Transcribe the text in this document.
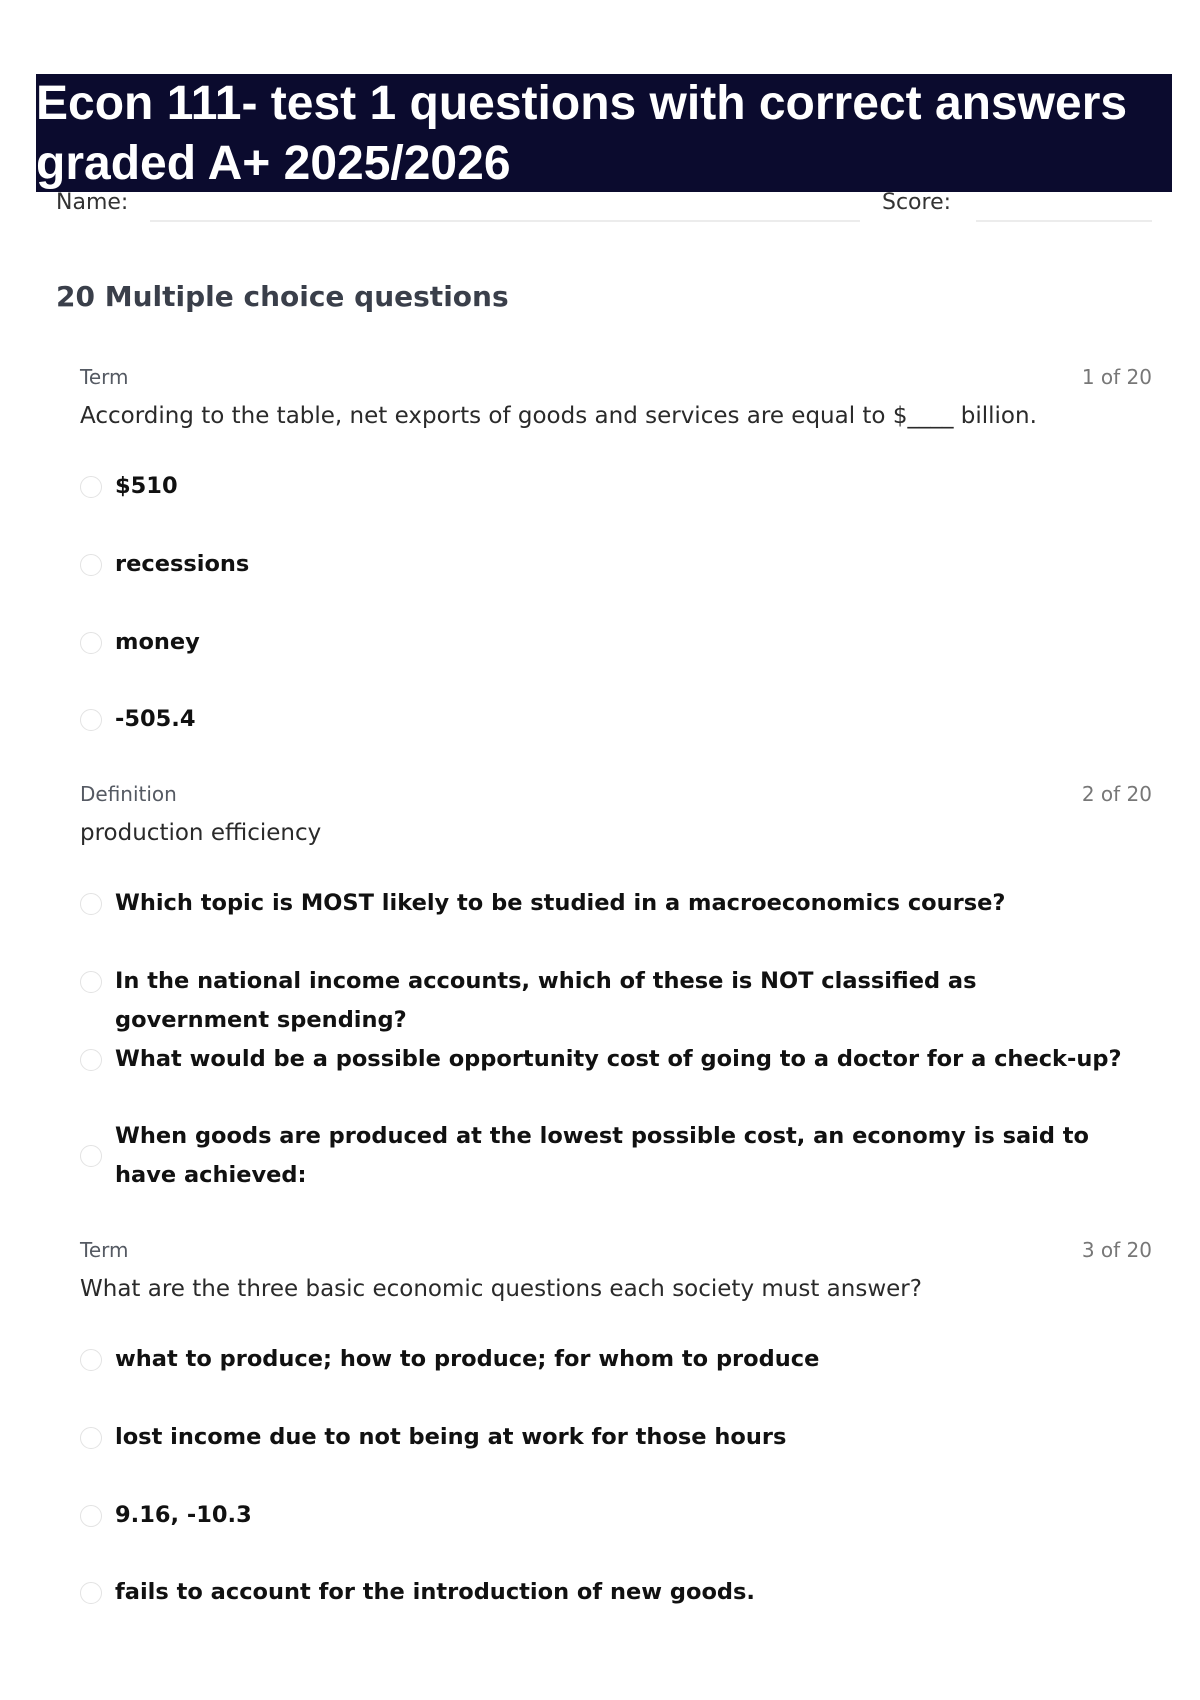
Econ 111- test 1 questions with correct answers graded A+ 2025/2026
Name:	Score:
20 Multiple choice questions
Term	1 of 20
According to the table, net exports of goods and services are equal to $____ billion.
$510
recessions
money
-505.4
Definition	2 of 20
production efficiency
Which topic is MOST likely to be studied in a macroeconomics course?
In the national income accounts, which of these is NOT classified as government spending?
What would be a possible opportunity cost of going to a doctor for a check-up?
When goods are produced at the lowest possible cost, an economy is said to have achieved:
Term	3 of 20
What are the three basic economic questions each society must answer?
what to produce; how to produce; for whom to produce
lost income due to not being at work for those hours
9.16, -10.3
fails to account for the introduction of new goods.
